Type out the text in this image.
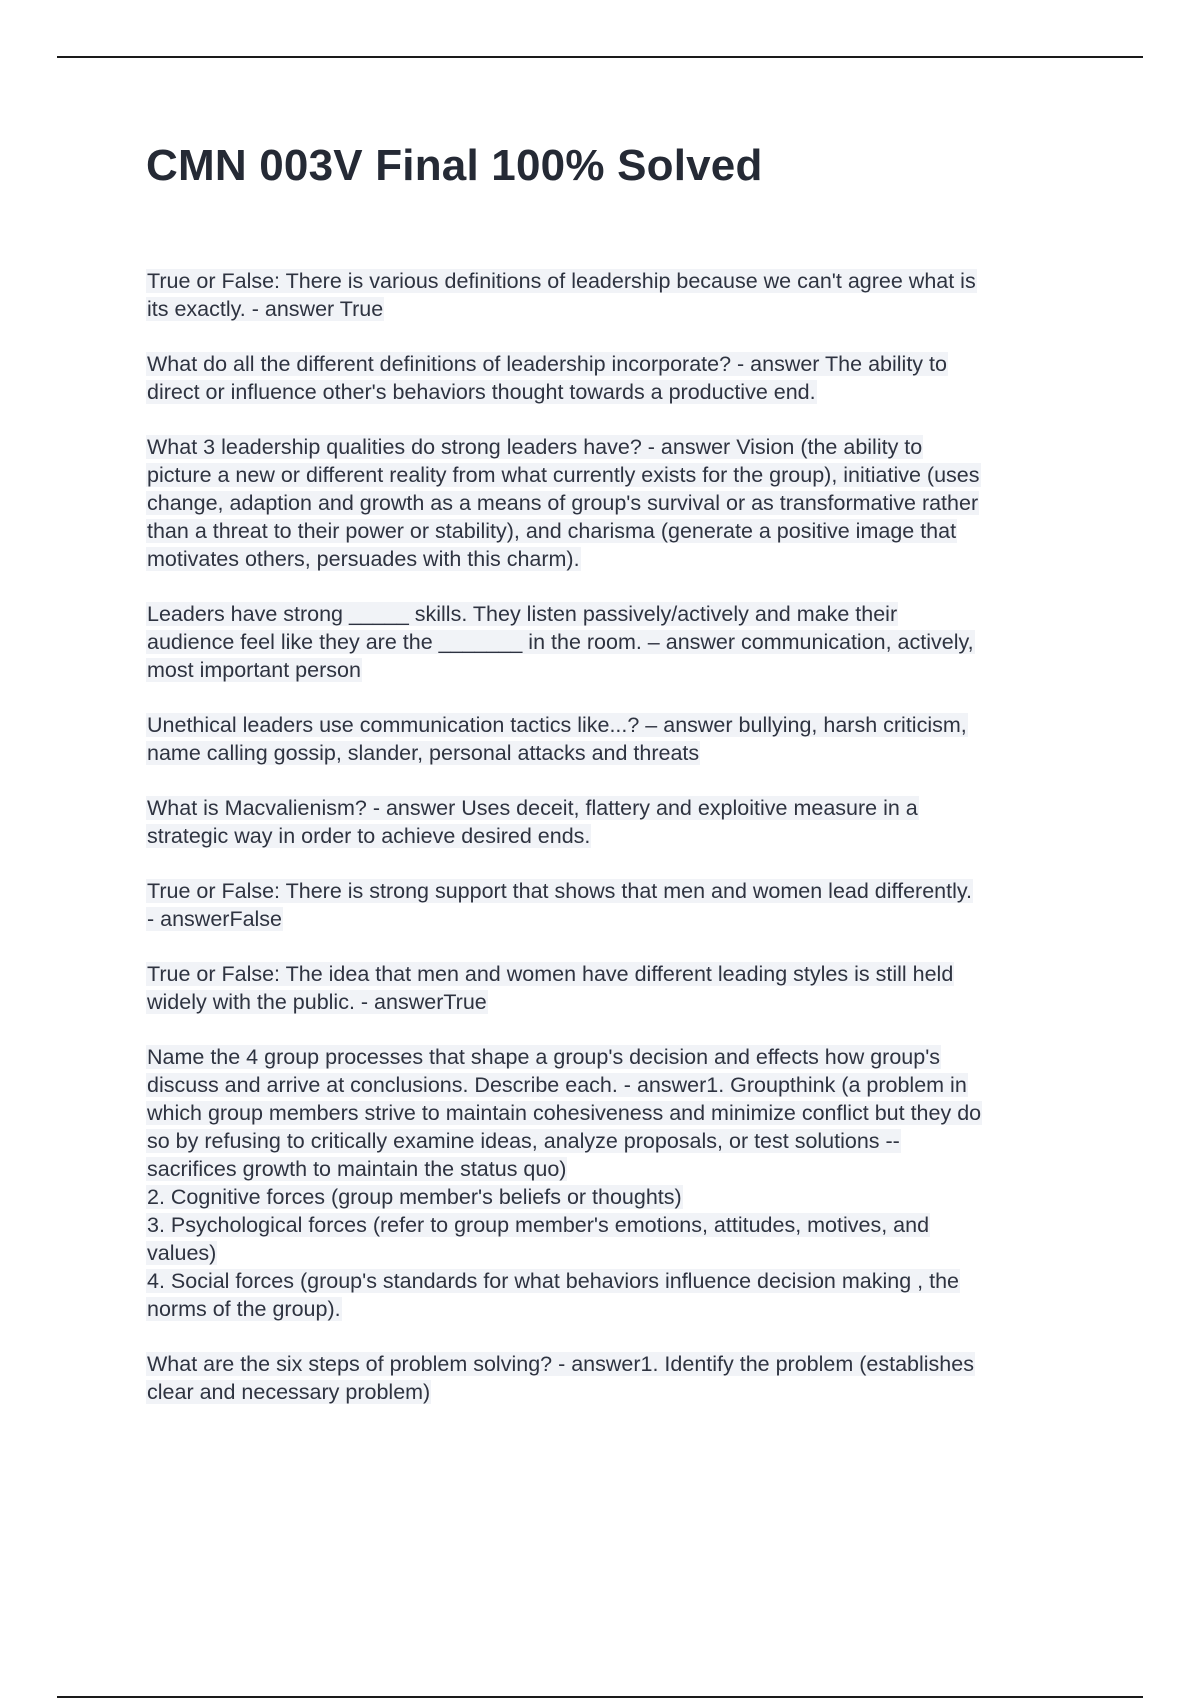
CMN 003V Final 100% Solved

True or False: There is various definitions of leadership because we can't agree what is
its exactly. - answer True

What do all the different definitions of leadership incorporate? - answer The ability to
direct or influence other's behaviors thought towards a productive end.

What 3 leadership qualities do strong leaders have? - answer Vision (the ability to
picture a new or different reality from what currently exists for the group), initiative (uses
change, adaption and growth as a means of group's survival or as transformative rather
than a threat to their power or stability), and charisma (generate a positive image that
motivates others, persuades with this charm).

Leaders have strong _____ skills. They listen passively/actively and make their
audience feel like they are the _______ in the room. – answer communication, actively,
most important person

Unethical leaders use communication tactics like...? – answer bullying, harsh criticism,
name calling gossip, slander, personal attacks and threats

What is Macvalienism? - answer Uses deceit, flattery and exploitive measure in a
strategic way in order to achieve desired ends.

True or False: There is strong support that shows that men and women lead differently.
- answerFalse

True or False: The idea that men and women have different leading styles is still held
widely with the public. - answerTrue

Name the 4 group processes that shape a group's decision and effects how group's
discuss and arrive at conclusions. Describe each. - answer1. Groupthink (a problem in
which group members strive to maintain cohesiveness and minimize conflict but they do
so by refusing to critically examine ideas, analyze proposals, or test solutions --
sacrifices growth to maintain the status quo)
2. Cognitive forces (group member's beliefs or thoughts)
3. Psychological forces (refer to group member's emotions, attitudes, motives, and
values)
4. Social forces (group's standards for what behaviors influence decision making , the
norms of the group).

What are the six steps of problem solving? - answer1. Identify the problem (establishes
clear and necessary problem)
